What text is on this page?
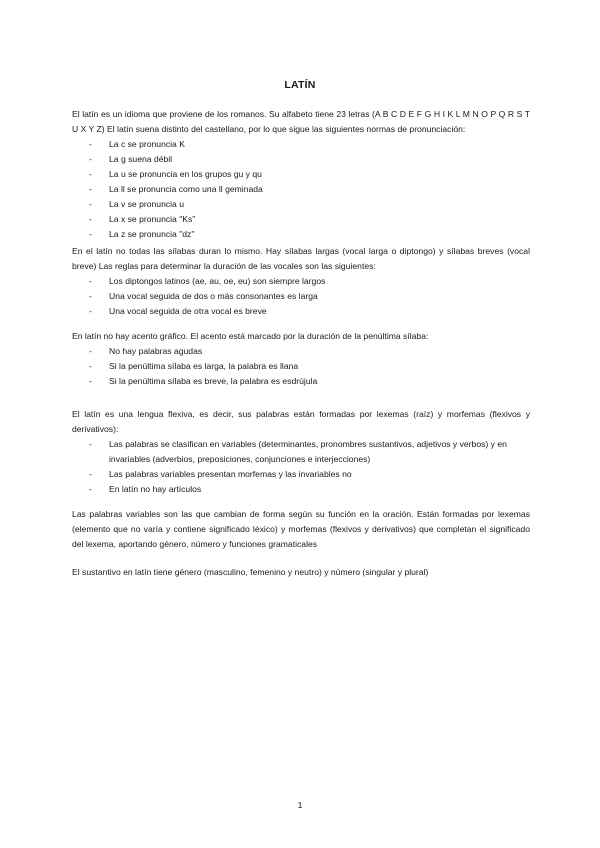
LATÍN

El latín es un idioma que proviene de los romanos. Su alfabeto tiene 23 letras (A B C D E F G H I K L M N O P Q R S T U X Y Z) El latín suena distinto del castellano, por lo que sigue las siguientes normas de pronunciación:

- La c se pronuncia K
- La g suena débil
- La u se pronuncia en los grupos gu y qu
- La ll se pronuncia como una ll geminada
- La v se pronuncia u
- La x se pronuncia "Ks"
- La z se pronuncia "dz"

En el latín no todas las sílabas duran lo mismo. Hay sílabas largas (vocal larga o diptongo) y sílabas breves (vocal breve) Las reglas para determinar la duración de las vocales son las siguientes:

- Los diptongos latinos (ae, au, oe, eu) son siempre largos
- Una vocal seguida de dos o más consonantes es larga
- Una vocal seguida de otra vocal es breve

En latín no hay acento gráfico. El acento está marcado por la duración de la penúltima sílaba:

- No hay palabras agudas
- Si la penúltima sílaba es larga, la palabra es llana
- Si la penúltima sílaba es breve, la palabra es esdrújula

El latín es una lengua flexiva, es decir, sus palabras están formadas por lexemas (raíz) y morfemas (flexivos y derivativos):

- Las palabras se clasifican en variables (determinantes, pronombres sustantivos, adjetivos y verbos) y en invariables (adverbios, preposiciones, conjunciones e interjecciones)
- Las palabras variables presentan morfemas y las invariables no
- En latín no hay artículos

Las palabras variables son las que cambian de forma según su función en la oración. Están formadas por lexemas (elemento que no varía y contiene significado léxico) y morfemas (flexivos y derivativos) que completan el significado del lexema, aportando género, número y funciones gramaticales

El sustantivo en latín tiene género (masculino, femenino y neutro) y número (singular y plural)

1
